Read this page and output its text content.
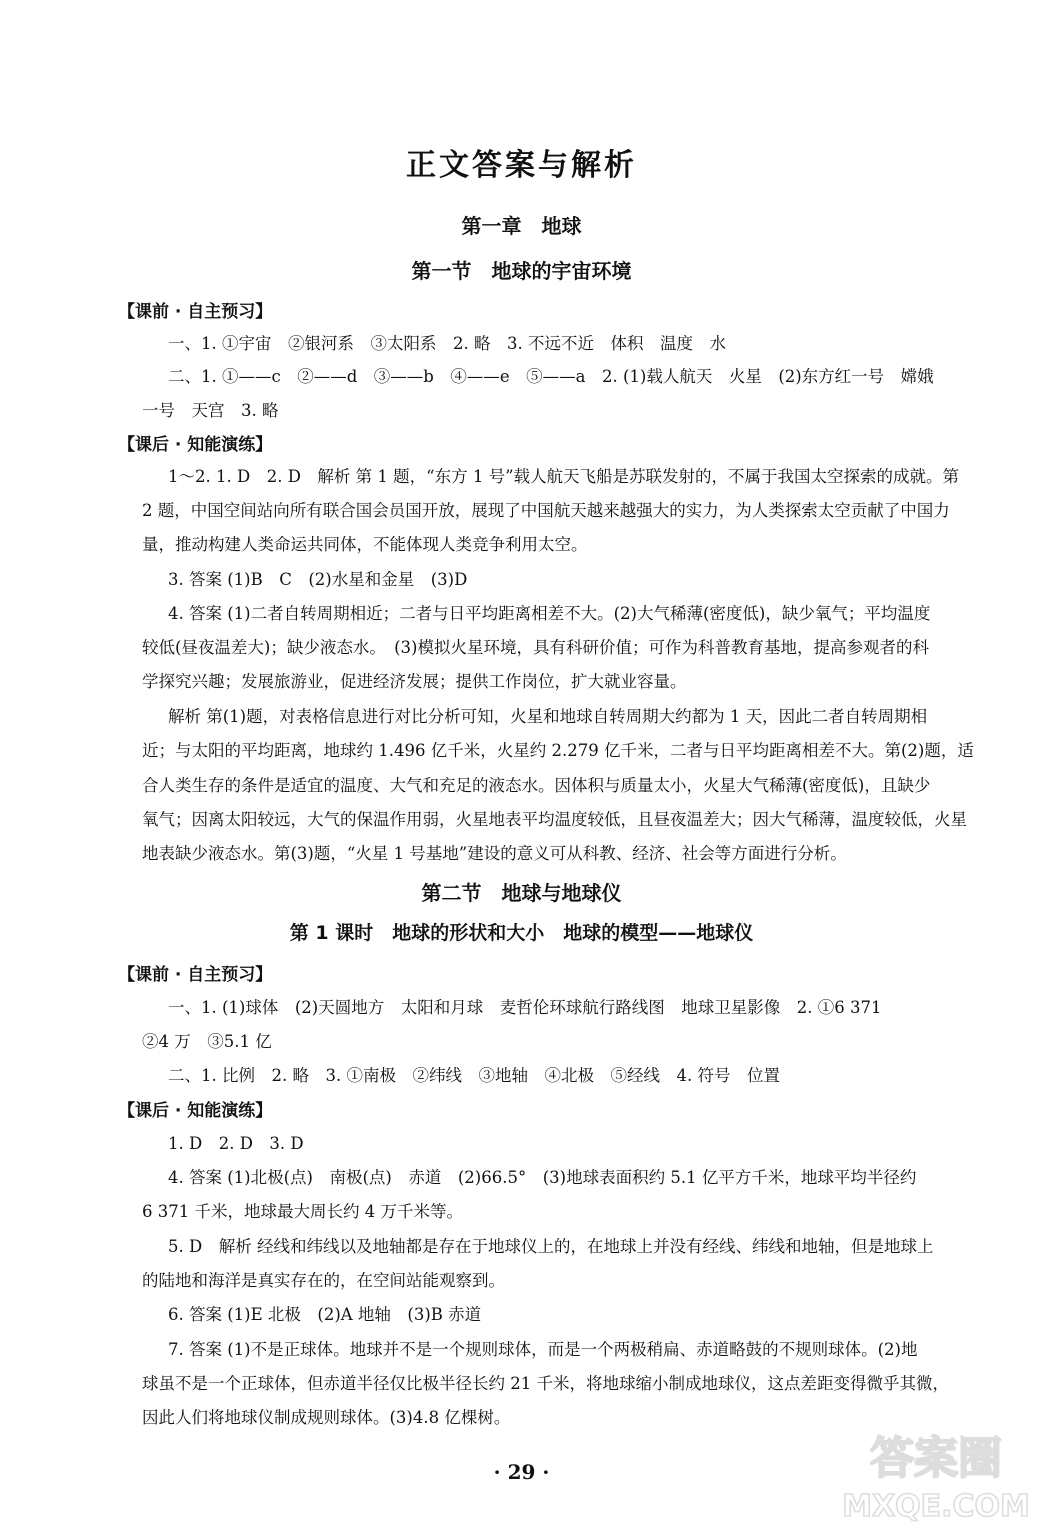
正文答案与解析
第一章　地球
第一节　地球的宇宙环境
【课前 · 自主预习】
一、1. ①宇宙　②银河系　③太阳系　2. 略　3. 不远不近　体积　温度　水
二、1. ①——c　②——d　③——b　④——e　⑤——a　2. (1)载人航天　火星　(2)东方红一号　嫦娥
一号　天宫　3. 略
【课后 · 知能演练】
1～2. 1. D　2. D　解析 第 1 题，“东方 1 号”载人航天飞船是苏联发射的，不属于我国太空探索的成就。第
2 题，中国空间站向所有联合国会员国开放，展现了中国航天越来越强大的实力，为人类探索太空贡献了中国力
量，推动构建人类命运共同体，不能体现人类竞争利用太空。
3. 答案 (1)B　C　(2)水星和金星　(3)D
4. 答案 (1)二者自转周期相近；二者与日平均距离相差不大。(2)大气稀薄(密度低)，缺少氧气；平均温度
较低(昼夜温差大)；缺少液态水。　(3)模拟火星环境，具有科研价值；可作为科普教育基地，提高参观者的科
学探究兴趣；发展旅游业，促进经济发展；提供工作岗位，扩大就业容量。
解析 第(1)题，对表格信息进行对比分析可知，火星和地球自转周期大约都为 1 天，因此二者自转周期相
近；与太阳的平均距离，地球约 1.496 亿千米，火星约 2.279 亿千米，二者与日平均距离相差不大。第(2)题，适
合人类生存的条件是适宜的温度、大气和充足的液态水。因体积与质量太小，火星大气稀薄(密度低)，且缺少
氧气；因离太阳较远，大气的保温作用弱，火星地表平均温度较低，且昼夜温差大；因大气稀薄，温度较低，火星
地表缺少液态水。第(3)题，“火星 1 号基地”建设的意义可从科教、经济、社会等方面进行分析。
第二节　地球与地球仪
第 1 课时　地球的形状和大小　地球的模型——地球仪
【课前 · 自主预习】
一、1. (1)球体　(2)天圆地方　太阳和月球　麦哲伦环球航行路线图　地球卫星影像　2. ①6 371
②4 万　③5.1 亿
二、1. 比例　2. 略　3. ①南极　②纬线　③地轴　④北极　⑤经线　4. 符号　位置
【课后 · 知能演练】
1. D　2. D　3. D
4. 答案 (1)北极(点)　南极(点)　赤道　(2)66.5°　(3)地球表面积约 5.1 亿平方千米，地球平均半径约
6 371 千米，地球最大周长约 4 万千米等。
5. D　解析 经线和纬线以及地轴都是存在于地球仪上的，在地球上并没有经线、纬线和地轴，但是地球上
的陆地和海洋是真实存在的，在空间站能观察到。
6. 答案 (1)E 北极　(2)A 地轴　(3)B 赤道
7. 答案 (1)不是正球体。地球并不是一个规则球体，而是一个两极稍扁、赤道略鼓的不规则球体。(2)地
球虽不是一个正球体，但赤道半径仅比极半径长约 21 千米，将地球缩小制成地球仪，这点差距变得微乎其微，
因此人们将地球仪制成规则球体。(3)4.8 亿棵树。
· 29 ·	答案圈
MXQE.COM
